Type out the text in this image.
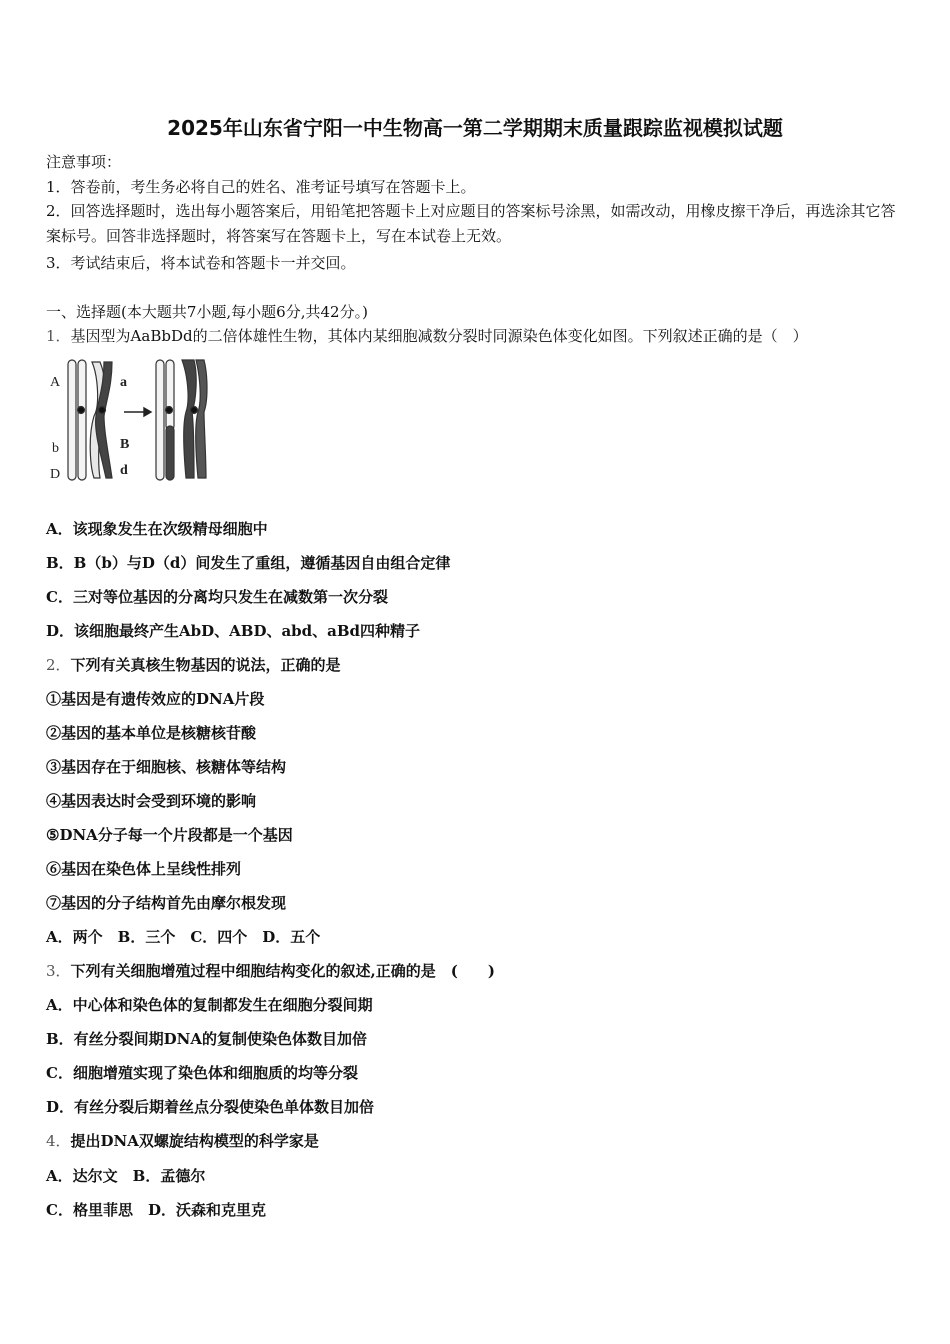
2025年山东省宁阳一中生物高一第二学期期末质量跟踪监视模拟试题
注意事项：
1．答卷前，考生务必将自己的姓名、准考证号填写在答题卡上。
2．回答选择题时，选出每小题答案后，用铅笔把答题卡上对应题目的答案标号涂黑，如需改动，用橡皮擦干净后，再选涂其它答案标号。回答非选择题时，将答案写在答题卡上，写在本试卷上无效。
3．考试结束后，将本试卷和答题卡一并交回。
一、选择题(本大题共7小题,每小题6分,共42分。)
1．基因型为AaBbDd的二倍体雄性生物，其体内某细胞减数分裂时同源染色体变化如图。下列叙述正确的是（　）
A	a
b	B
D	d
A．该现象发生在次级精母细胞中
B．B（b）与D（d）间发生了重组，遵循基因自由组合定律
C．三对等位基因的分离均只发生在减数第一次分裂
D．该细胞最终产生AbD、ABD、abd、aBd四种精子
2．下列有关真核生物基因的说法，正确的是
①基因是有遗传效应的DNA片段
②基因的基本单位是核糖核苷酸
③基因存在于细胞核、核糖体等结构
④基因表达时会受到环境的影响
⑤DNA分子每一个片段都是一个基因
⑥基因在染色体上呈线性排列
⑦基因的分子结构首先由摩尔根发现
A．两个　B．三个　C．四个　D．五个
3．下列有关细胞增殖过程中细胞结构变化的叙述,正确的是　(　　)
A．中心体和染色体的复制都发生在细胞分裂间期
B．有丝分裂间期DNA的复制使染色体数目加倍
C．细胞增殖实现了染色体和细胞质的均等分裂
D．有丝分裂后期着丝点分裂使染色单体数目加倍
4．提出DNA双螺旋结构模型的科学家是
A．达尔文　B．孟德尔
C．格里菲思　D．沃森和克里克
